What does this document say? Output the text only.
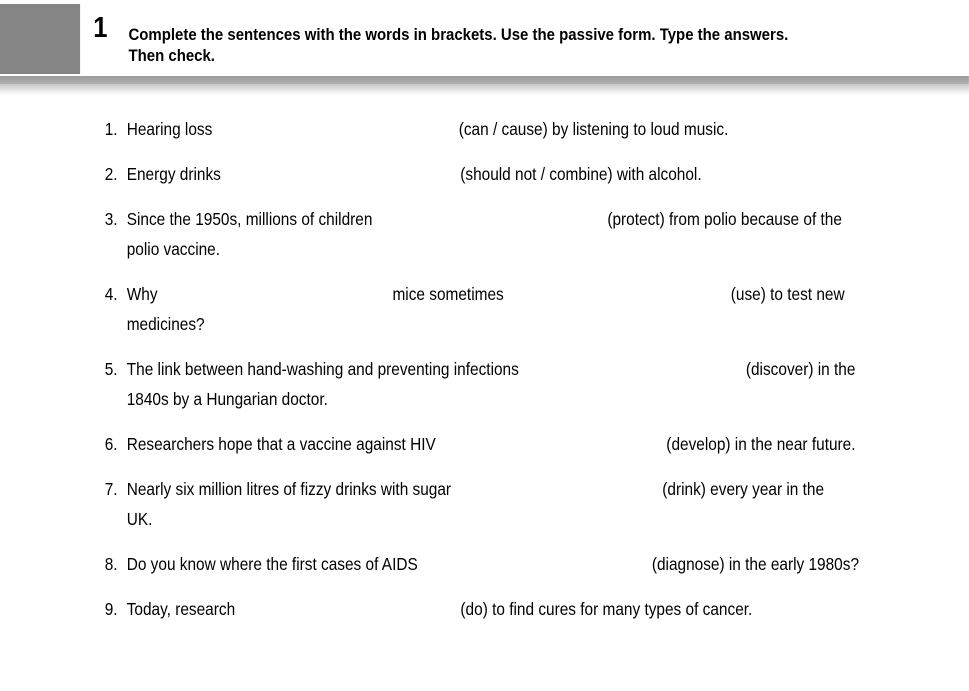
1 Complete the sentences with the words in brackets. Use the passive form. Type the answers.
Then check.
1. Hearing loss	(can / cause) by listening to loud music.
2. Energy drinks	(should not / combine) with alcohol.
3. Since the 1950s, millions of children	(protect) from polio because of the
polio vaccine.
4. Why	mice sometimes	(use) to test new
medicines?
5. The link between hand-washing and preventing infections	(discover) in the
1840s by a Hungarian doctor.
6. Researchers hope that a vaccine against HIV	(develop) in the near future.
7. Nearly six million litres of fizzy drinks with sugar	(drink) every year in the
UK.
8. Do you know where the first cases of AIDS	(diagnose) in the early 1980s?
9. Today, research	(do) to find cures for many types of cancer.
